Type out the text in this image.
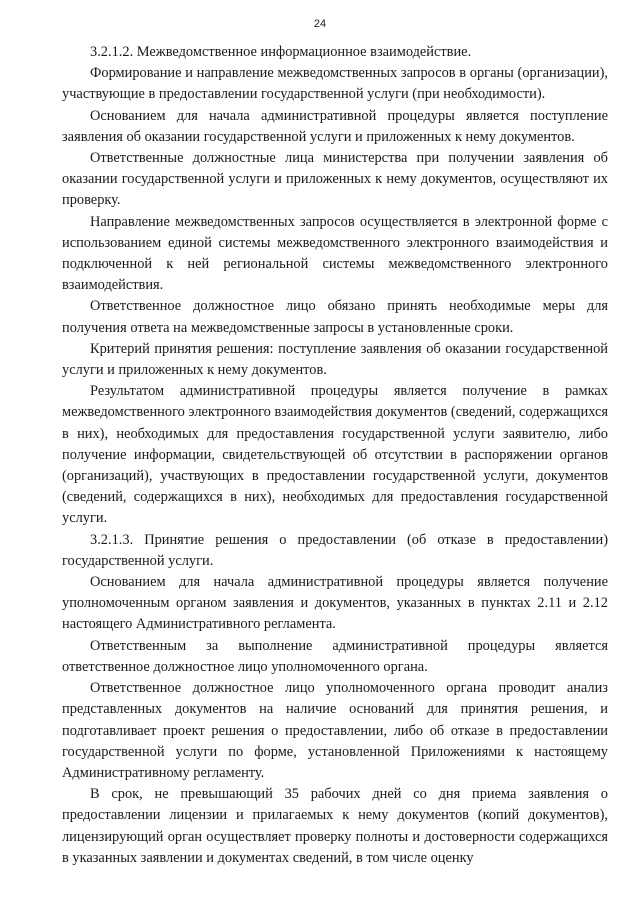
24

3.2.1.2. Межведомственное информационное взаимодействие.

Формирование и направление межведомственных запросов в органы (организации), участвующие в предоставлении государственной услуги (при необходимости).

Основанием для начала административной процедуры является поступление заявления об оказании государственной услуги и приложенных к нему документов.

Ответственные должностные лица министерства при получении заявления об оказании государственной услуги и приложенных к нему документов, осуществляют их проверку.

Направление межведомственных запросов осуществляется в электронной форме с использованием единой системы межведомственного электронного взаимодействия и подключенной к ней региональной системы межведомственного электронного взаимодействия.

Ответственное должностное лицо обязано принять необходимые меры для получения ответа на межведомственные запросы в установленные сроки.

Критерий принятия решения: поступление заявления об оказании государственной услуги и приложенных к нему документов.

Результатом административной процедуры является получение в рамках межведомственного электронного взаимодействия документов (сведений, содержащихся в них), необходимых для предоставления государственной услуги заявителю, либо получение информации, свидетельствующей об отсутствии в распоряжении органов (организаций), участвующих в предоставлении государственной услуги, документов (сведений, содержащихся в них), необходимых для предоставления государственной услуги.

3.2.1.3. Принятие решения о предоставлении (об отказе в предоставлении) государственной услуги.

Основанием для начала административной процедуры является получение уполномоченным органом заявления и документов, указанных в пунктах 2.11 и 2.12 настоящего Административного регламента.

Ответственным за выполнение административной процедуры является ответственное должностное лицо уполномоченного органа.

Ответственное должностное лицо уполномоченного органа проводит анализ представленных документов на наличие оснований для принятия решения, и подготавливает проект решения о предоставлении, либо об отказе в предоставлении государственной услуги по форме, установленной Приложениями к настоящему Административному регламенту.

В срок, не превышающий 35 рабочих дней со дня приема заявления о предоставлении лицензии и прилагаемых к нему документов (копий документов), лицензирующий орган осуществляет проверку полноты и достоверности содержащихся в указанных заявлении и документах сведений, в том числе оценку
